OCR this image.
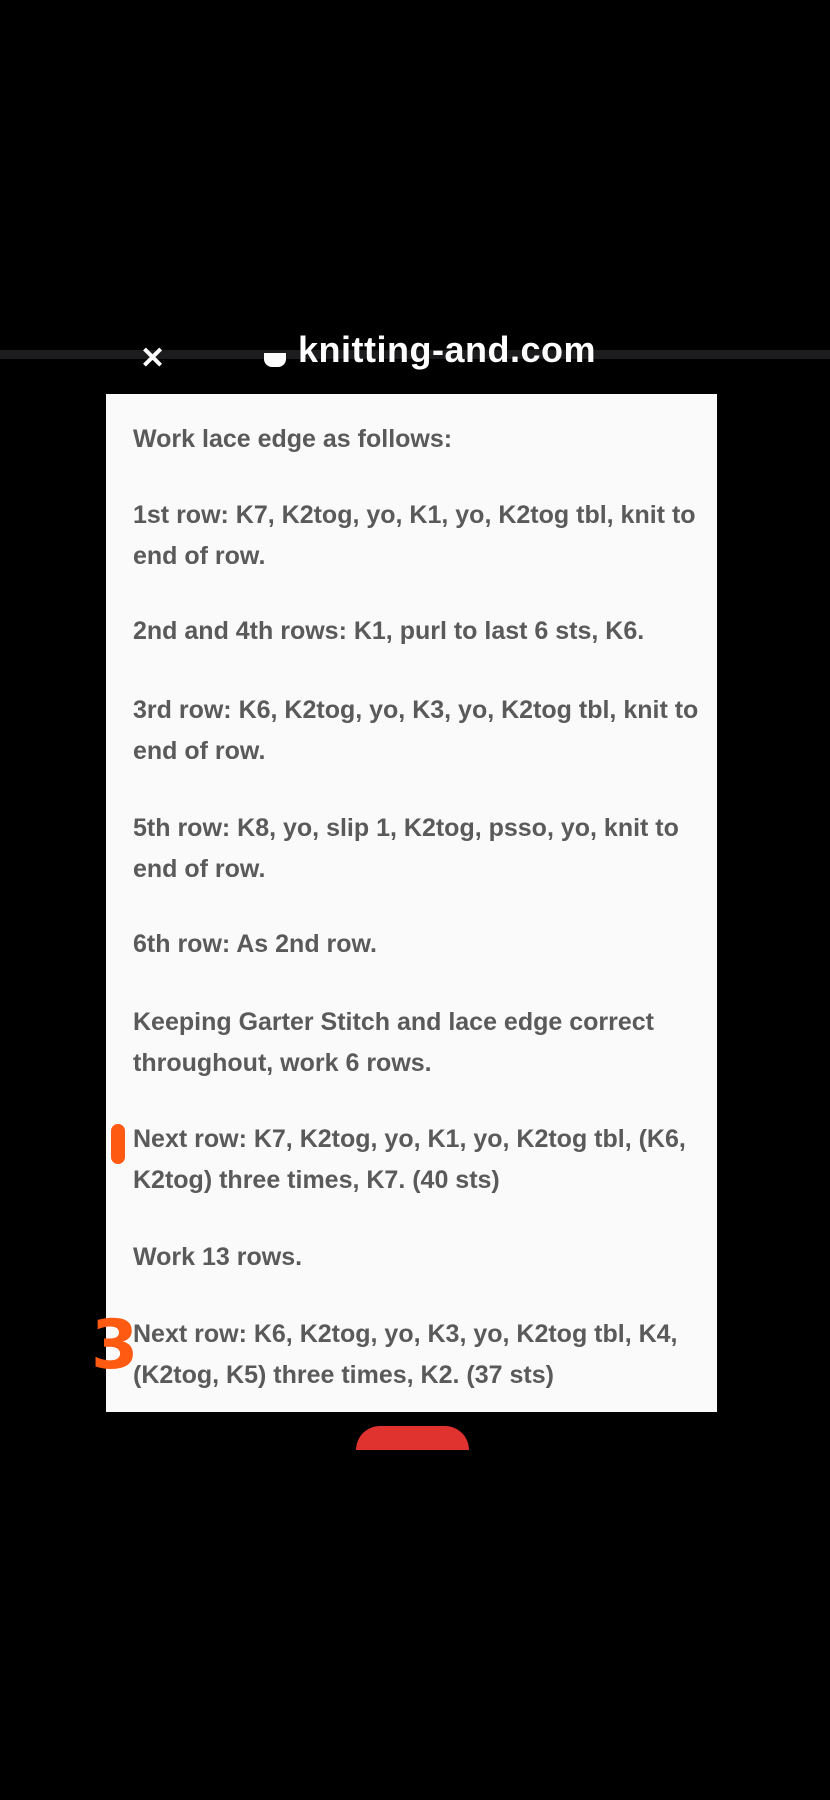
✕	knitting-and.com

Work lace edge as follows:

1st row: K7, K2tog, yo, K1, yo, K2tog tbl, knit to end of row.

2nd and 4th rows: K1, purl to last 6 sts, K6.

3rd row: K6, K2tog, yo, K3, yo, K2tog tbl, knit to end of row.

5th row: K8, yo, slip 1, K2tog, psso, yo, knit to end of row.

6th row: As 2nd row.

Keeping Garter Stitch and lace edge correct throughout, work 6 rows.

Next row: K7, K2tog, yo, K1, yo, K2tog tbl, (K6, K2tog) three times, K7. (40 sts)

Work 13 rows.

Next row: K6, K2tog, yo, K3, yo, K2tog tbl, K4, (K2tog, K5) three times, K2. (37 sts)

3
